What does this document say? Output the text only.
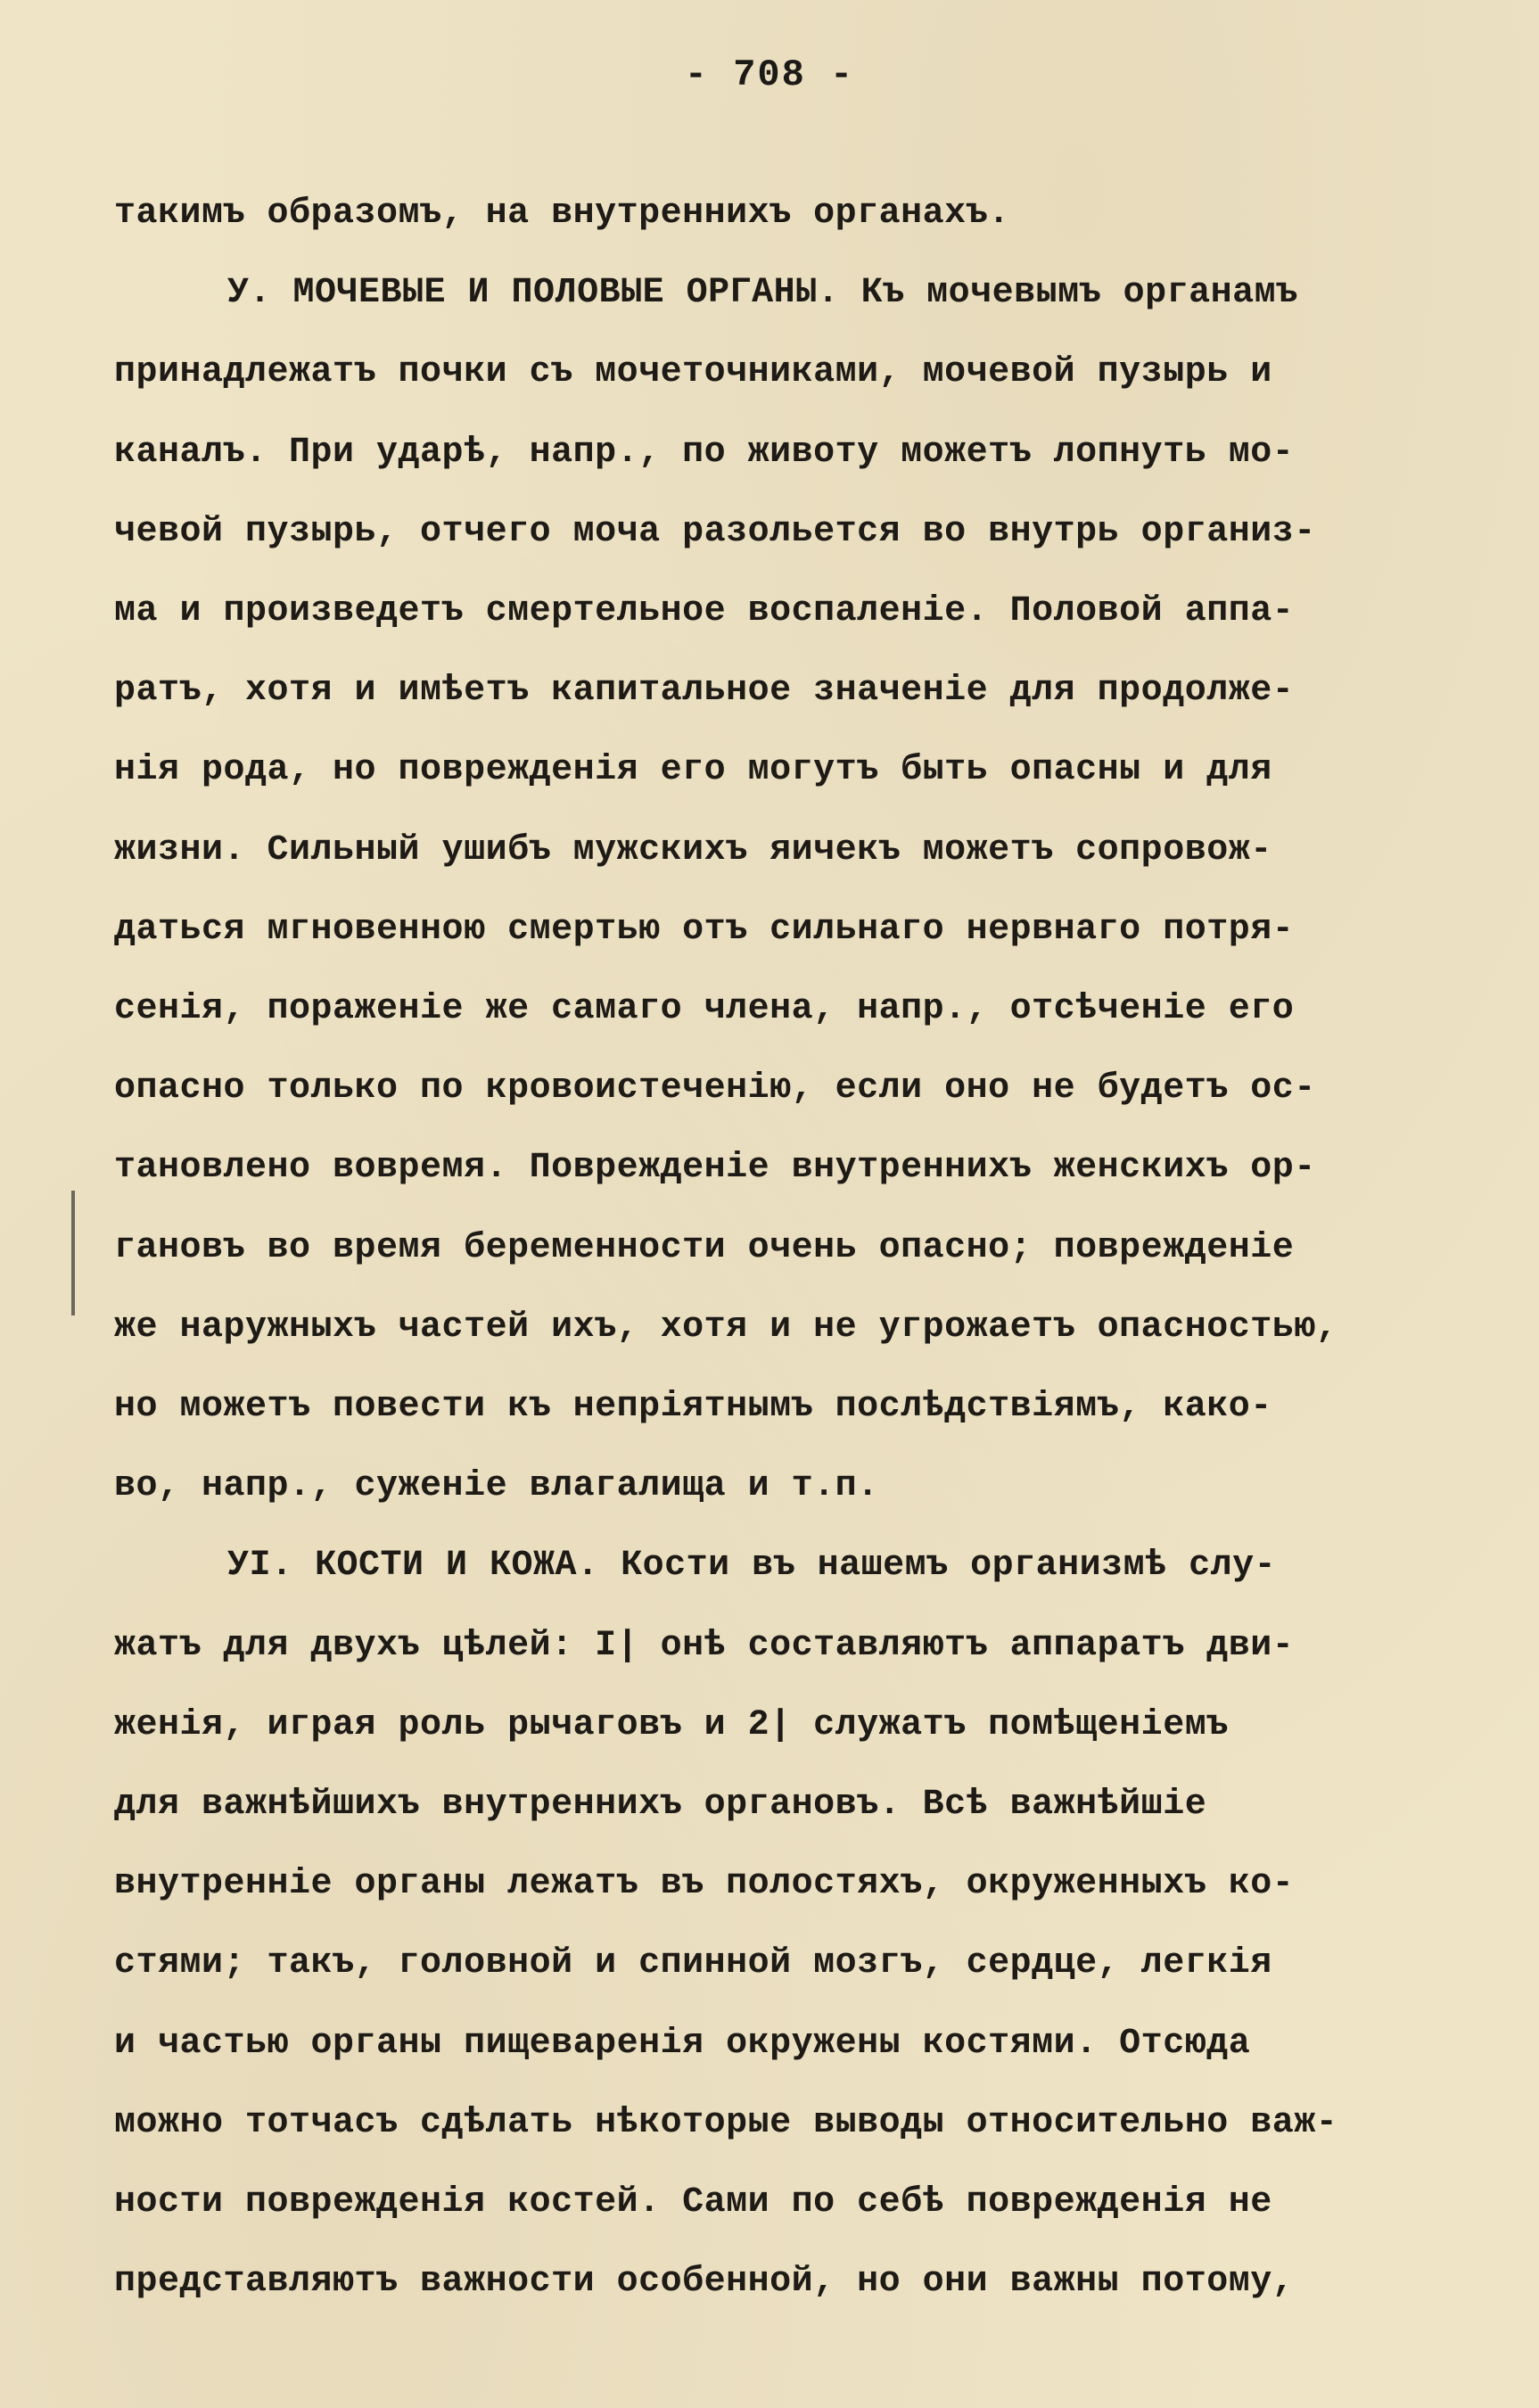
- 708 -
такимъ образомъ, на внутреннихъ органахъ.
У. МОЧЕВЫЕ И ПОЛОВЫЕ ОРГАНЫ. Къ мочевымъ органамъ
принадлежатъ почки съ мочеточниками, мочевой пузырь и
каналъ. При ударѣ, напр., по животу можетъ лопнуть мо-
чевой пузырь, отчего моча разольется во внутрь организ-
ма и произведетъ смертельное воспаленіе. Половой аппа-
ратъ, хотя и имѣетъ капитальное значеніе для продолже-
нія рода, но поврежденія его могутъ быть опасны и для
жизни. Сильный ушибъ мужскихъ яичекъ можетъ сопровож-
даться мгновенною смертью отъ сильнаго нервнаго потря-
сенія, пораженіе же самаго члена, напр., отсѣченіе его
опасно только по кровоистеченію, если оно не будетъ ос-
тановлено вовремя. Поврежденіе внутреннихъ женскихъ ор-
гановъ во время беременности очень опасно; поврежденіе
же наружныхъ частей ихъ, хотя и не угрожаетъ опасностью,
но можетъ повести къ непріятнымъ послѣдствіямъ, како-
во, напр., суженіе влагалища и т.п.
УI. КОСТИ И КОЖА. Кости въ нашемъ организмѣ слу-
жатъ для двухъ цѣлей: I| онѣ составляютъ аппаратъ дви-
женія, играя роль рычаговъ и 2| служатъ помѣщеніемъ
для важнѣйшихъ внутреннихъ органовъ. Всѣ важнѣйшіе
внутренніе органы лежатъ въ полостяхъ, окруженныхъ ко-
стями; такъ, головной и спинной мозгъ, сердце, легкія
и частью органы пищеваренія окружены костями. Отсюда
можно тотчасъ сдѣлать нѣкоторые выводы относительно важ-
ности поврежденія костей. Сами по себѣ поврежденія не
представляютъ важности особенной, но они важны потому,
